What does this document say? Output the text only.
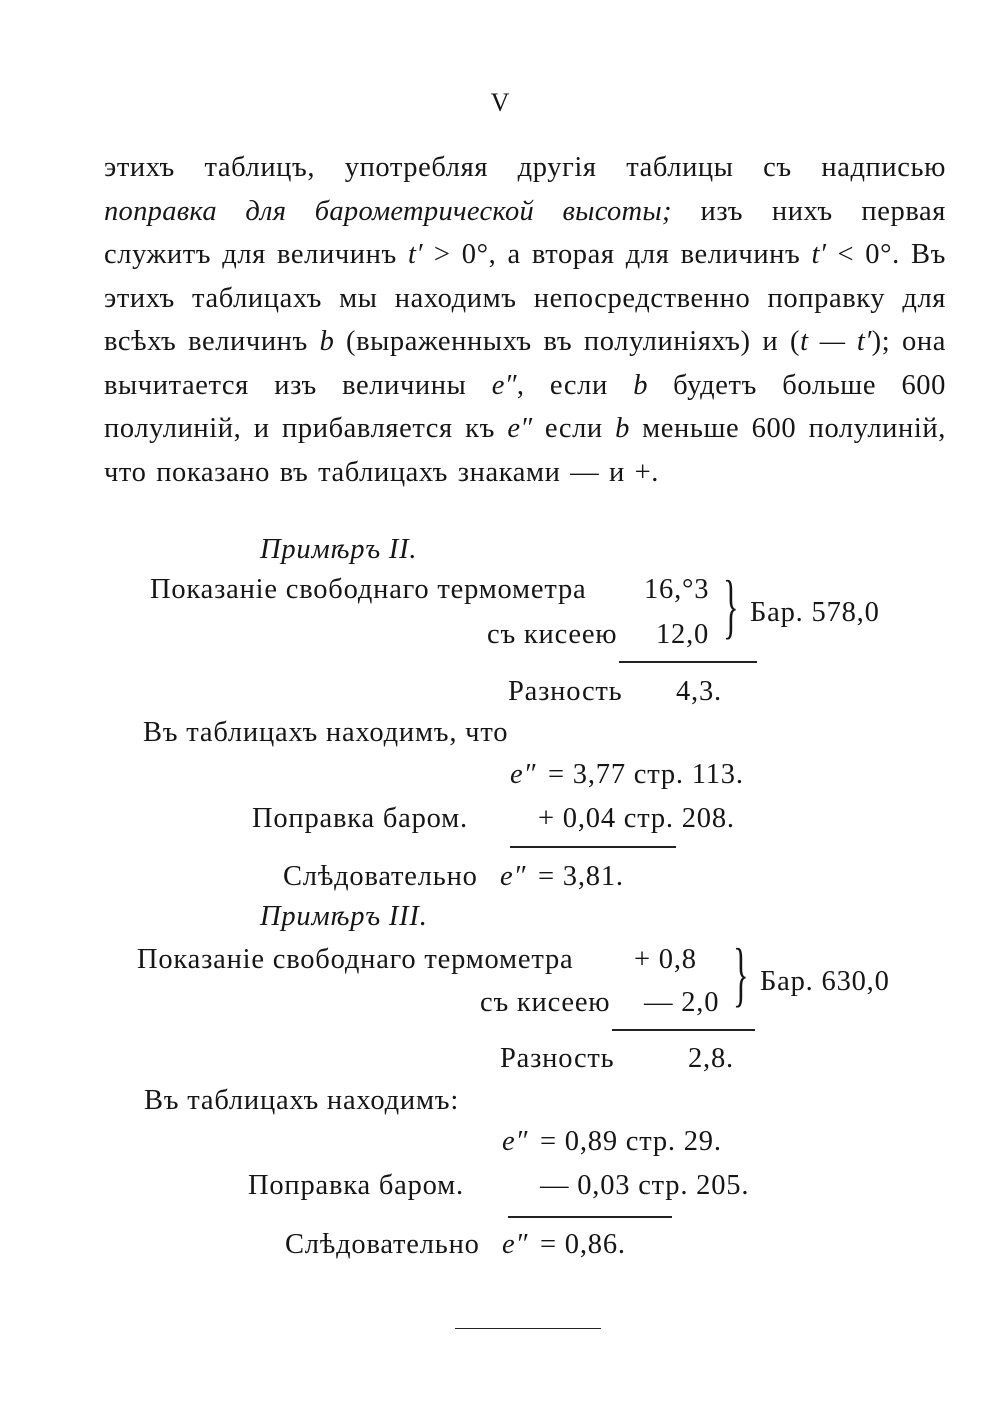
V
этихъ таблицъ, употребляя другія таблицы съ надписью поправка для барометрической высоты; изъ нихъ первая служитъ для величинъ t′ > 0°, а вторая для величинъ t′ < 0°. Въ этихъ таблицахъ мы находимъ непосредственно поправку для всѣхъ величинъ b (выраженныхъ въ полулиніяхъ) и (t — t′); она вычитается изъ величины e″, если b будетъ больше 600 полулиній, и прибавляется къ e″ если b меньше 600 полулиній, что показано въ таблицахъ знаками — и +.
Примѣръ II.
Показаніе свободнаго термометра 16,°3
съ кисеею 12,0 } Бар. 578,0
Разность 4,3.
Въ таблицахъ находимъ, что
e″ = 3,77 стр. 113.
Поправка бaром. + 0,04 стр. 208.
Слѣдовательно e″ = 3,81.
Примѣръ III.
Показаніе свободнаго термометра + 0,8
съ кисеею — 2,0 } Бар. 630,0
Разность	2,8.
Въ таблицахъ находимъ:
e″ = 0,89 стр. 29.
Поправка бaром.	— 0,03 стр. 205.
Слѣдовательно e″ = 0,86.
